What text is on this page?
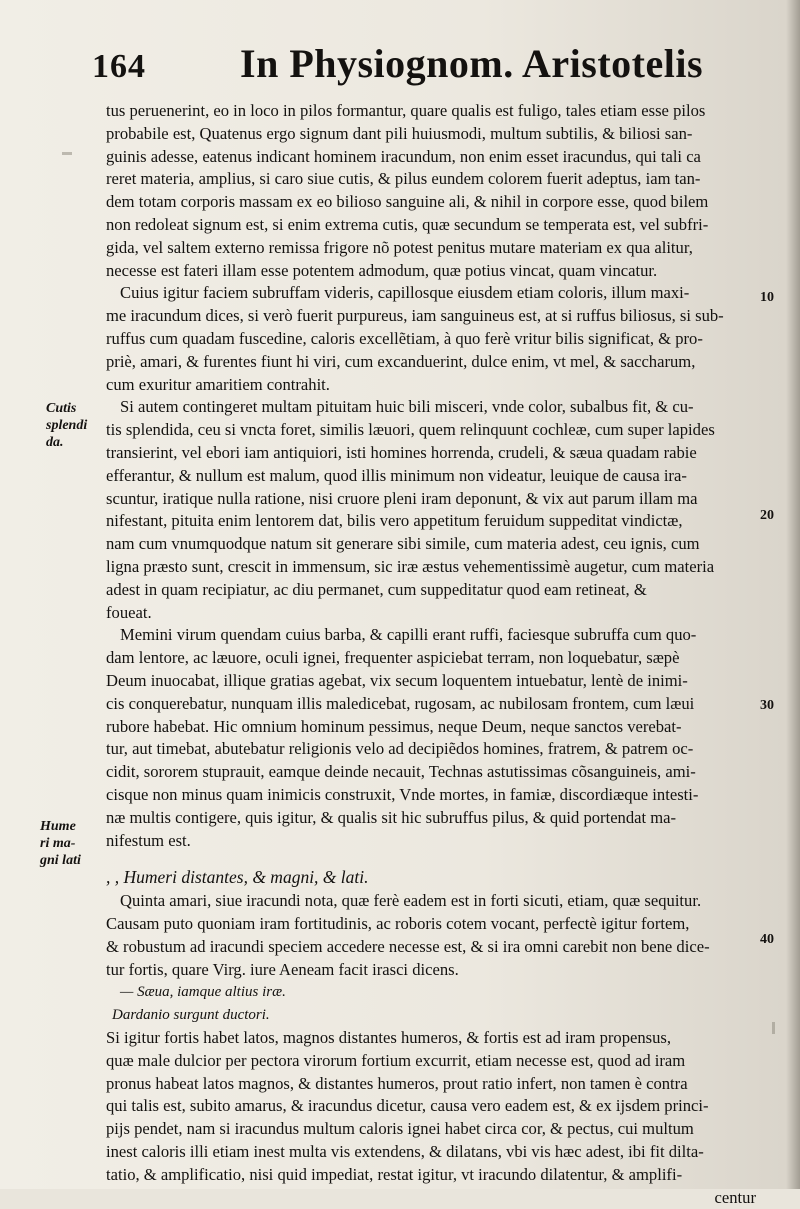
164 In Physiognom. Aristotelis
tus peruenerint, eo in loco in pilos formantur, quare qualis est fuligo, tales etiam esse pilos
probabile est, Quatenus ergo signum dant pili huiusmodi, multum subtilis, & biliosi san-
guinis adesse, eatenus indicant hominem iracundum, non enim esset iracundus, qui tali ca
reret materia, amplius, si caro siue cutis, & pilus eundem colorem fuerit adeptus, iam tan-
dem totam corporis massam ex eo bilioso sanguine ali, & nihil in corpore esse, quod bilem
non redoleat signum est, si enim extrema cutis, quæ secundum se temperata est, vel subfri-
gida, vel saltem externo remissa frigore nõ potest penitus mutare materiam ex qua alitur,
necesse est fateri illam esse potentem admodum, quæ potius vincat, quam vincatur.
Cuius igitur faciem subruffam videris, capillosque eiusdem etiam coloris, illum maxi-
me iracundum dices, si verò fuerit purpureus, iam sanguineus est, at si ruffus biliosus, si sub-
ruffus cum quadam fuscedine, caloris excellẽtiam, à quo ferè vritur bilis significat, & pro-
priè, amari, & furentes fiunt hi viri, cum excanduerint, dulce enim, vt mel, & saccharum,
cum exuritur amaritiem contrahit.
Si autem contingeret multam pituitam huic bili misceri, vnde color, subalbus fit, & cu-
tis splendida, ceu si vncta foret, similis læuori, quem relinquunt cochleæ, cum super lapides
transierint, vel ebori iam antiquiori, isti homines horrenda, crudeli, & sæua quadam rabie
efferantur, & nullum est malum, quod illis minimum non videatur, leuique de causa ira-
scuntur, iratique nulla ratione, nisi cruore pleni iram deponunt, & vix aut parum illam ma
nifestant, pituita enim lentorem dat, bilis vero appetitum feruidum suppeditat vindictæ,
nam cum vnumquodque natum sit generare sibi simile, cum materia adest, ceu ignis, cum
ligna præsto sunt, crescit in immensum, sic iræ æstus vehementissimè augetur, cum materia
adest in quam recipiatur, ac diu permanet, cum suppeditatur quod eam retineat, &
foueat.
Memini virum quendam cuius barba, & capilli erant ruffi, faciesque subruffa cum quo-
dam lentore, ac læuore, oculi ignei, frequenter aspiciebat terram, non loquebatur, sæpè
Deum inuocabat, illique gratias agebat, vix secum loquentem intuebatur, lentè de inimi-
cis conquerebatur, nunquam illis maledicebat, rugosam, ac nubilosam frontem, cum læui
rubore habebat. Hic omnium hominum pessimus, neque Deum, neque sanctos verebat-
tur, aut timebat, abutebatur religionis velo ad decipiẽdos homines, fratrem, & patrem oc-
cidit, sororem stuprauit, eamque deinde necauit, Technas astutissimas cõsanguineis, ami-
cisque non minus quam inimicis construxit, Vnde mortes, in famiæ, discordiæque intesti-
næ multis contigere, quis igitur, & qualis sit hic subruffus pilus, & quid portendat ma-
nifestum est.
, , Humeri distantes, & magni, & lati.
Quinta amari, siue iracundi nota, quæ ferè eadem est in forti sicuti, etiam, quæ sequitur.
Causam puto quoniam iram fortitudinis, ac roboris cotem vocant, perfectè igitur fortem,
& robustum ad iracundi speciem accedere necesse est, & si ira omni carebit non bene dice-
tur fortis, quare Virg. iure Aeneam facit irasci dicens.
— Sæua, iamque altius iræ.
Dardanio surgunt ductori.
Si igitur fortis habet latos, magnos distantes humeros, & fortis est ad iram propensus,
quæ male dulcior per pectora virorum fortium excurrit, etiam necesse est, quod ad iram
pronus habeat latos magnos, & distantes humeros, prout ratio infert, non tamen è contra
qui talis est, subito amarus, & iracundus dicetur, causa vero eadem est, & ex ijsdem princi-
pijs pendet, nam si iracundus multum caloris ignei habet circa cor, & pectus, cui multum
inest caloris illi etiam inest multa vis extendens, & dilatans, vbi vis hæc adest, ibi fit dilta-
tatio, & amplificatio, nisi quid impediat, restat igitur, vt iracundo dilatentur, & amplifi-
centur
Cutis
splendi
da.
Hume
ri ma-
gni lati
10
20
30
40
